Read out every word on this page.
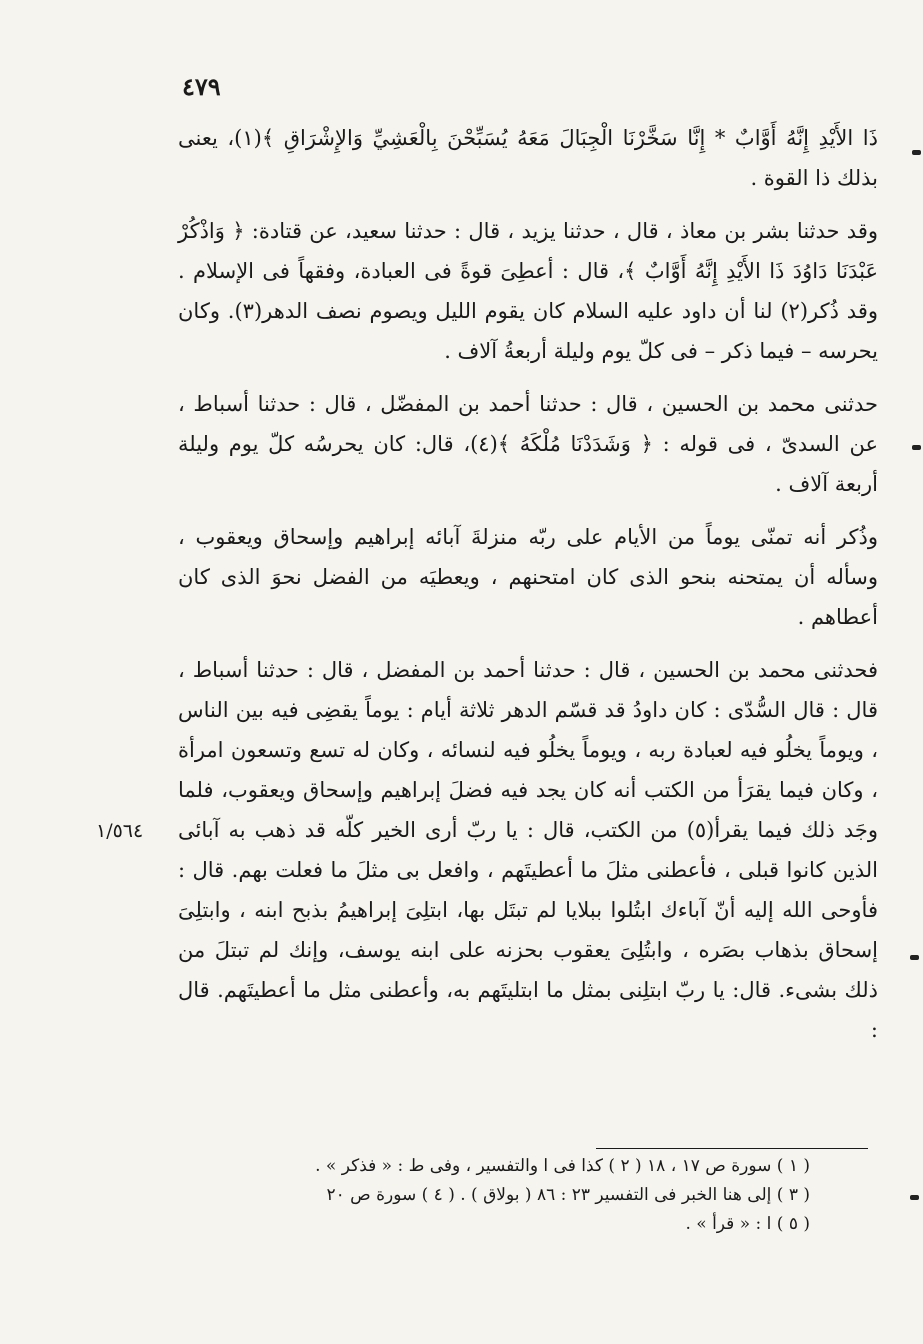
٤٧٩

ذَا الأَيْدِ إِنَّهُ أَوَّابٌ * إِنَّا سَخَّرْنَا الْجِبَالَ مَعَهُ يُسَبِّحْنَ بِالْعَشِيِّ وَالإِشْرَاقِ ﴾(١)، يعنى بذلك ذا القوة .

وقد حدثنا بشر بن معاذ ، قال ، حدثنا يزيد ، قال : حدثنا سعيد، عن قتادة: ﴿ وَاذْكُرْ عَبْدَنَا دَاوُدَ ذَا الأَيْدِ إِنَّهُ أَوَّابٌ ﴾، قال : أعطِىَ قوةً فى العبادة، وفقهاً فى الإسلام . وقد ذُكر(٢) لنا أن داود عليه السلام كان يقوم الليل ويصوم نصف الدهر(٣). وكان يحرسه – فيما ذكر – فى كلّ يوم وليلة أربعةُ آلاف .

حدثنى محمد بن الحسين ، قال : حدثنا أحمد بن المفضّل ، قال : حدثنا أسباط ، عن السدىّ ، فى قوله : ﴿ وَشَدَدْنَا مُلْكَهُ ﴾(٤)، قال: كان يحرسُه كلّ يوم وليلة أربعة آلاف .

وذُكر أنه تمنّى يوماً من الأيام على ربّه منزلةَ آبائه إبراهيم وإسحاق ويعقوب ، وسأله أن يمتحنه بنحو الذى كان امتحنهم ، ويعطيَه من الفضل نحوَ الذى كان أعطاهم .

فحدثنى محمد بن الحسين ، قال : حدثنا أحمد بن المفضل ، قال : حدثنا أسباط ، قال : قال السُّدّى : كان داودُ قد قسّم الدهر ثلاثة أيام : يوماً يقضِى فيه بين الناس ، ويوماً يخلُو فيه لعبادة ربه ، ويوماً يخلُو فيه لنسائه ، وكان له تسع وتسعون امرأة ، وكان فيما يقرَأ من الكتب أنه كان يجد فيه فضلَ إبراهيم وإسحاق ويعقوب، فلما وجَد ذلك فيما يقرأ(٥) من الكتب، قال : يا ربّ أرى الخير كلّه قد ذهب به آبائى الذين كانوا قبلى ، فأعطنى مثلَ ما أعطيتَهم ، وافعل بى مثلَ ما فعلت بهم. قال : فأوحى الله إليه أنّ آباءك ابتُلوا ببلايا لم تبتَل بها، ابتلِىَ إبراهيمُ بذبح ابنه ، وابتلِىَ إسحاق بذهاب بصَره ، وابتُلِىَ يعقوب بحزنه على ابنه يوسف، وإنك لم تبتلَ من ذلك بشىء. قال: يا ربّ ابتلِنى بمثل ما ابتليتَهم به، وأعطنى مثل ما أعطيتَهم. قال :

١/٥٦٤
( ١ ) سورة ص ١٧ ، ١٨ ( ٢ ) كذا فى ا والتفسير ، وفى ط : « فذكر » .
( ٣ ) إلى هنا الخبر فى التفسير ٢٣ : ٨٦ ( بولاق ) . ( ٤ ) سورة ص ٢٠
( ٥ ) ا : « قرأ » .
